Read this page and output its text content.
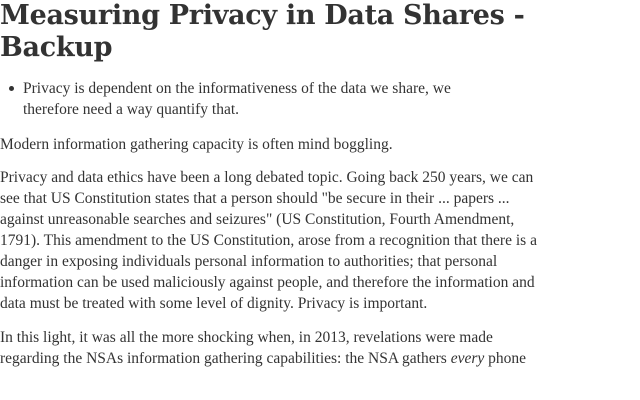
Measuring Privacy in Data Shares - Backup
Privacy is dependent on the informativeness of the data we share, we therefore need a way quantify that.

Modern information gathering capacity is often mind boggling.

Privacy and data ethics have been a long debated topic. Going back 250 years, we can see that US Constitution states that a person should "be secure in their ... papers ... against unreasonable searches and seizures" (US Constitution, Fourth Amendment, 1791). This amendment to the US Constitution, arose from a recognition that there is a danger in exposing individuals personal information to authorities; that personal information can be used maliciously against people, and therefore the information and data must be treated with some level of dignity. Privacy is important.

In this light, it was all the more shocking when, in 2013, revelations were made regarding the NSAs information gathering capabilities: the NSA gathers every phone
